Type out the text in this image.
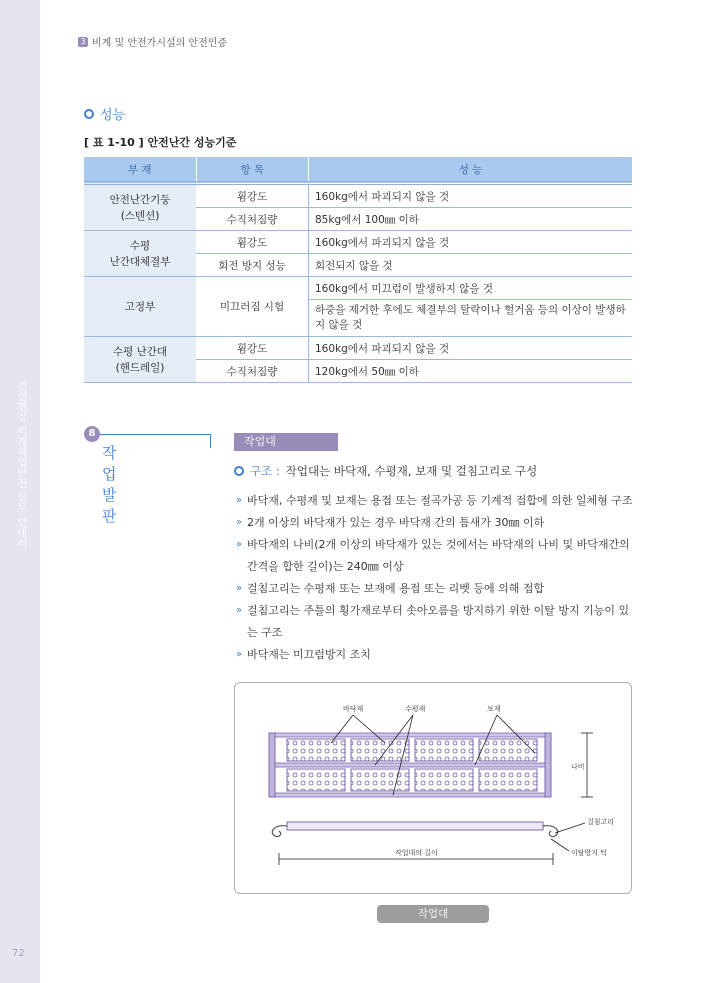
건설현장 비계작업안전 실무 안내서
72
3 비계 및 안전가시설의 안전인증
성능
[ 표 1-10 ] 안전난간 성능기준
부 재	항 목	성 능
안전난간기둥
(스텐션)	휨강도	160kg에서 파괴되지 않을 것
	수직처짐량	85kg에서 100㎜ 이하
수평
난간대체결부	휨강도	160kg에서 파괴되지 않을 것
	회전 방지 성능	회전되지 않을 것
고정부	미끄러짐 시험	160kg에서 미끄럼이 발생하지 않을 것
		하중을 제거한 후에도 체결부의 탈락이나 헐거움 등의 이상이 발생하지 않을 것
수평 난간대
(핸드레일)	휨강도	160kg에서 파괴되지 않을 것
	수직처짐량	120kg에서 50㎜ 이하
8
작업발판
작업대
구조 : 작업대는 바닥재, 수평재, 보재 및 걸침고리로 구성
» 바닥재, 수평재 및 보재는 용접 또는 절곡가공 등 기계적 접합에 의한 일체형 구조
» 2개 이상의 바닥재가 있는 경우 바닥재 간의 틈새가 30㎜ 이하
» 바닥재의 나비(2개 이상의 바닥재가 있는 것에서는 바닥재의 나비 및 바닥재간의 간격을 합한 길이)는 240㎜ 이상
» 걸침고리는 수평재 또는 보재에 용접 또는 리벳 등에 의해 접합
» 걸침고리는 주틀의 횡가재로부터 솟아오름을 방지하기 위한 이탈 방지 기능이 있는 구조
» 바닥재는 미끄럼방지 조치
바닥재	수평재	보재
나비
걸침고리
이탈방지 턱
작업대의 길이
작업대
